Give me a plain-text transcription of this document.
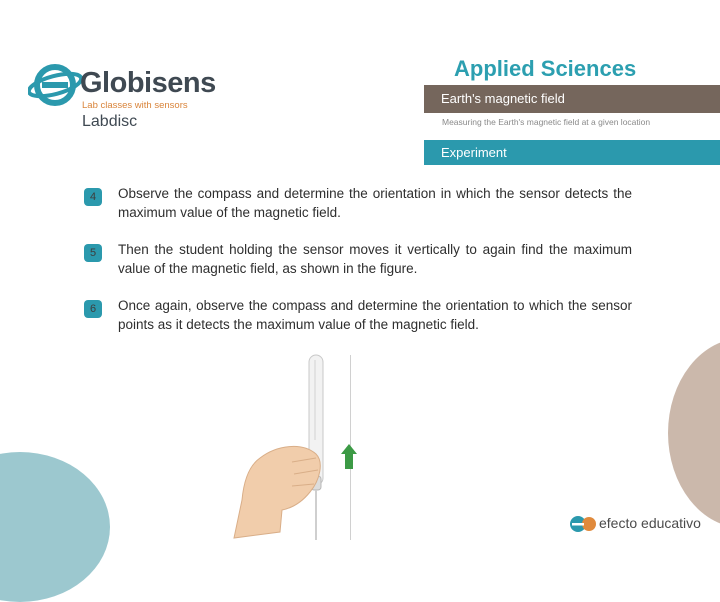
Globisens
Lab classes with sensors
Labdisc
Applied Sciences
Earth's magnetic field
Measuring the Earth's magnetic field at a given location
Experiment
4	Observe the compass and determine the orientation in which the sensor detects the maximum value of the magnetic field.
5	Then the student holding the sensor moves it vertically to again find the maximum value of the magnetic field, as shown in the figure.
6	Once again, observe the compass and determine the orientation to which the sensor points as it detects the maximum value of the magnetic field.
efecto educativo
